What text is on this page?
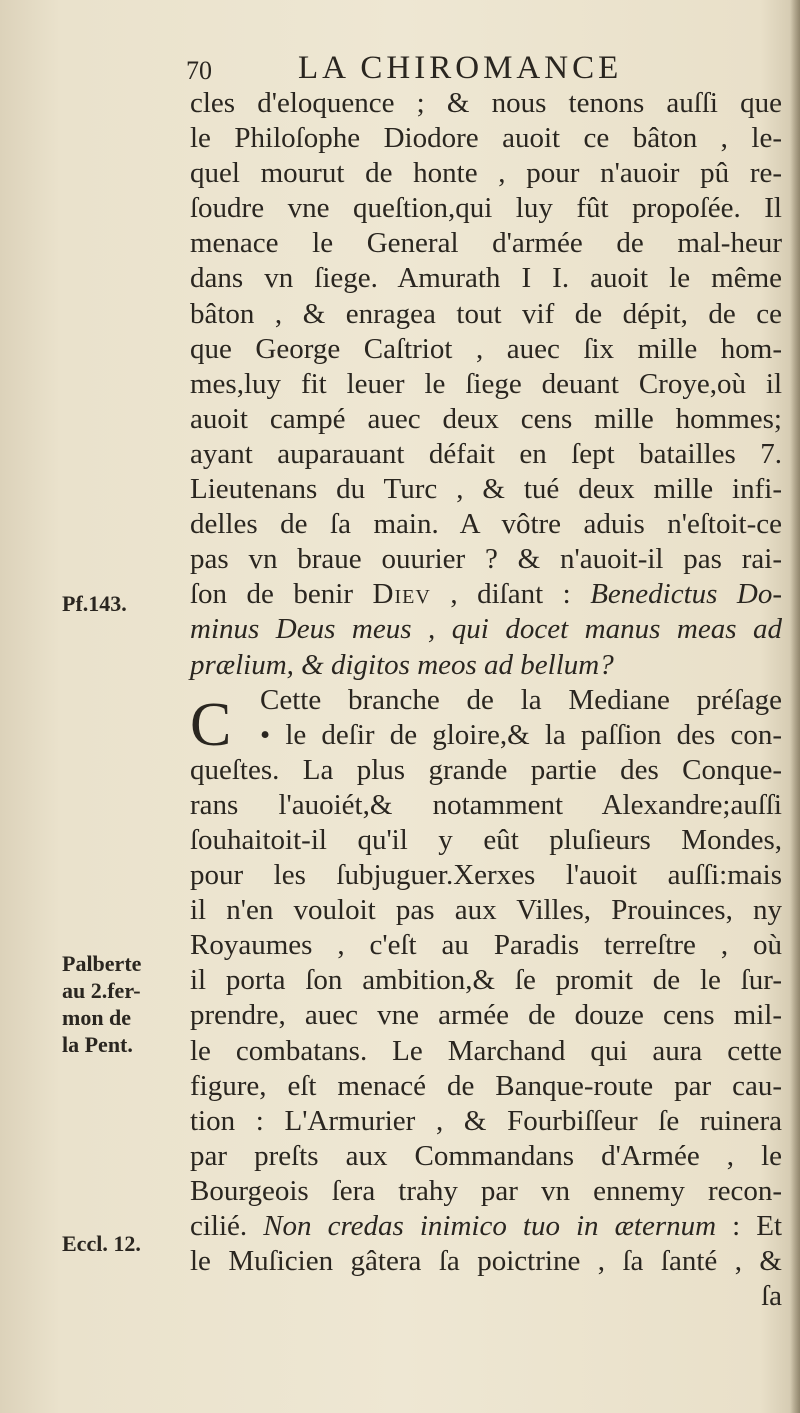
70	LA CHIROMANCE
Pf.143.
Palberte
au 2.fer-
mon de
la Pent.
Eccl. 12.
C
cles d'eloquence ; & nous tenons auſſi que
le Philoſophe Diodore auoit ce bâton , le-
quel mourut de honte , pour n'auoir pû re-
ſoudre vne queſtion,qui luy fût propoſée. Il
menace le General d'armée de mal-heur
dans vn ſiege. Amurath I I. auoit le même
bâton , & enragea tout vif de dépit, de ce
que George Caſtriot , auec ſix mille hom-
mes,luy fit leuer le ſiege deuant Croye,où il
auoit campé auec deux cens mille hommes;
ayant auparauant défait en ſept batailles 7.
Lieutenans du Turc , & tué deux mille infi-
delles de ſa main. A vôtre aduis n'eſtoit-ce
pas vn braue ouurier ? & n'auoit-il pas rai-
ſon de benir Diev , diſant : Benedictus Do-
minus Deus meus , qui docet manus meas ad
prælium, & digitos meos ad bellum?
Cette branche de la Mediane préſage
• le deſir de gloire,& la paſſion des con-
queſtes. La plus grande partie des Conque-
rans l'auoiét,& notamment Alexandre;auſſi
ſouhaitoit-il qu'il y eût pluſieurs Mondes,
pour les ſubjuguer.Xerxes l'auoit auſſi:mais
il n'en vouloit pas aux Villes, Prouinces, ny
Royaumes , c'eſt au Paradis terreſtre , où
il porta ſon ambition,& ſe promit de le ſur-
prendre, auec vne armée de douze cens mil-
le combatans. Le Marchand qui aura cette
figure, eſt menacé de Banque-route par cau-
tion : L'Armurier , & Fourbiſſeur ſe ruinera
par preſts aux Commandans d'Armée , le
Bourgeois ſera trahy par vn ennemy recon-
cilié. Non credas inimico tuo in æternum : Et
le Muſicien gâtera ſa poictrine , ſa ſanté , &
ſa
